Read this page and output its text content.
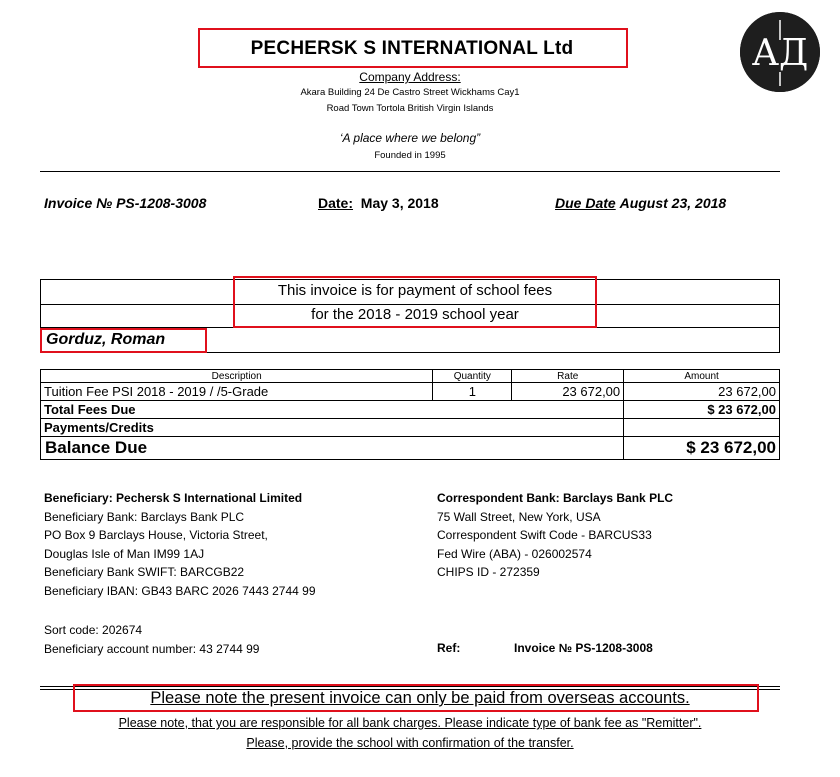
АД
PECHERSK S INTERNATIONAL Ltd
Company Address:
Akara Building 24 De Castro Street Wickhams Cay1
Road Town Tortola British Virgin Islands
‘A place where we belong”
Founded in 1995
Invoice № PS-1208-3008	Date: May 3, 2018	Due Date August 23, 2018
This invoice is for payment of school fees
for the 2018 - 2019 school year
Gorduz, Roman
Description	Quantity	Rate	Amount
Tuition Fee PSI 2018 - 2019 / /5-Grade	1	23 672,00	23 672,00
Total Fees Due			$ 23 672,00
Payments/Credits			
Balance Due			$ 23 672,00
Beneficiary: Pechersk S International Limited
Beneficiary Bank: Barclays Bank PLC
PO Box 9 Barclays House, Victoria Street,
Douglas Isle of Man IM99 1AJ
Beneficiary Bank SWIFT: BARCGB22
Beneficiary IBAN: GB43 BARC 2026 7443 2744 99
Sort code: 202674
Beneficiary account number: 43 2744 99
Correspondent Bank: Barclays Bank PLC
75 Wall Street, New York, USA
Correspondent Swift Code - BARCUS33
Fed Wire (ABA) - 026002574
CHIPS ID - 272359
Ref:	Invoice № PS-1208-3008
Please note the present invoice can only be paid from overseas accounts.
Please note, that you are responsible for all bank charges. Please indicate type of bank fee as "Remitter".
Please, provide the school with confirmation of the transfer.
